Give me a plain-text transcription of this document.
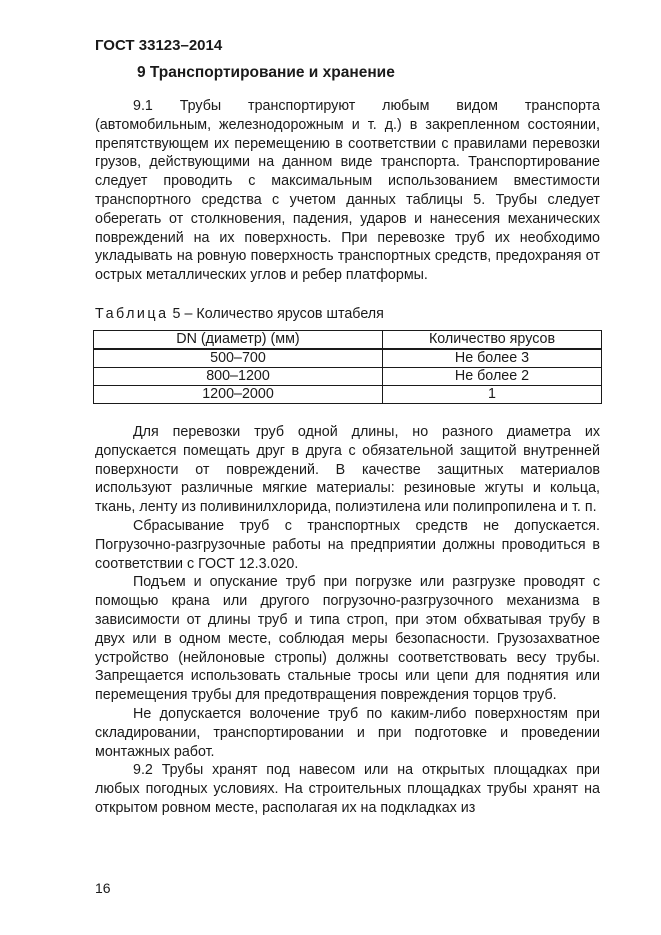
ГОСТ 33123–2014
9 Транспортирование и хранение

9.1 Трубы транспортируют любым видом транспорта (автомобильным, железнодорожным и т. д.) в закрепленном состоянии, препятствующем их перемещению в соответствии с правилами перевозки грузов, действующими на данном виде транспорта. Транспортирование следует проводить с максимальным использованием вместимости транспортного средства с учетом данных таблицы 5. Трубы следует оберегать от столкновения, падения, ударов и нанесения механических повреждений на их поверхность. При перевозке труб их необходимо укладывать на ровную поверхность транспортных средств, предохраняя от острых металлических углов и ребер платформы.

Таблица 5 – Количество ярусов штабеля
DN (диаметр) (мм)	Количество ярусов
500–700	Не более 3
800–1200	Не более 2
1200–2000	1

Для перевозки труб одной длины, но разного диаметра их допускается помещать друг в друга с обязательной защитой внутренней поверхности от повреждений. В качестве защитных материалов используют различные мягкие материалы: резиновые жгуты и кольца, ткань, ленту из поливинилхлорида, полиэтилена или полипропилена и т. п.

Сбрасывание труб с транспортных средств не допускается. Погрузочно-разгрузочные работы на предприятии должны проводиться в соответствии с ГОСТ 12.3.020.

Подъем и опускание труб при погрузке или разгрузке проводят с помощью крана или другого погрузочно-разгрузочного механизма в зависимости от длины труб и типа строп, при этом обхватывая трубу в двух или в одном месте, соблюдая меры безопасности. Грузозахватное устройство (нейлоновые стропы) должны соответствовать весу трубы. Запрещается использовать стальные тросы или цепи для поднятия или перемещения трубы для предотвращения повреждения торцов труб.

Не допускается волочение труб по каким-либо поверхностям при складировании, транспортировании и при подготовке и проведении монтажных работ.

9.2 Трубы хранят под навесом или на открытых площадках при любых погодных условиях. На строительных площадках трубы хранят на открытом ровном месте, располагая их на подкладках из

16
